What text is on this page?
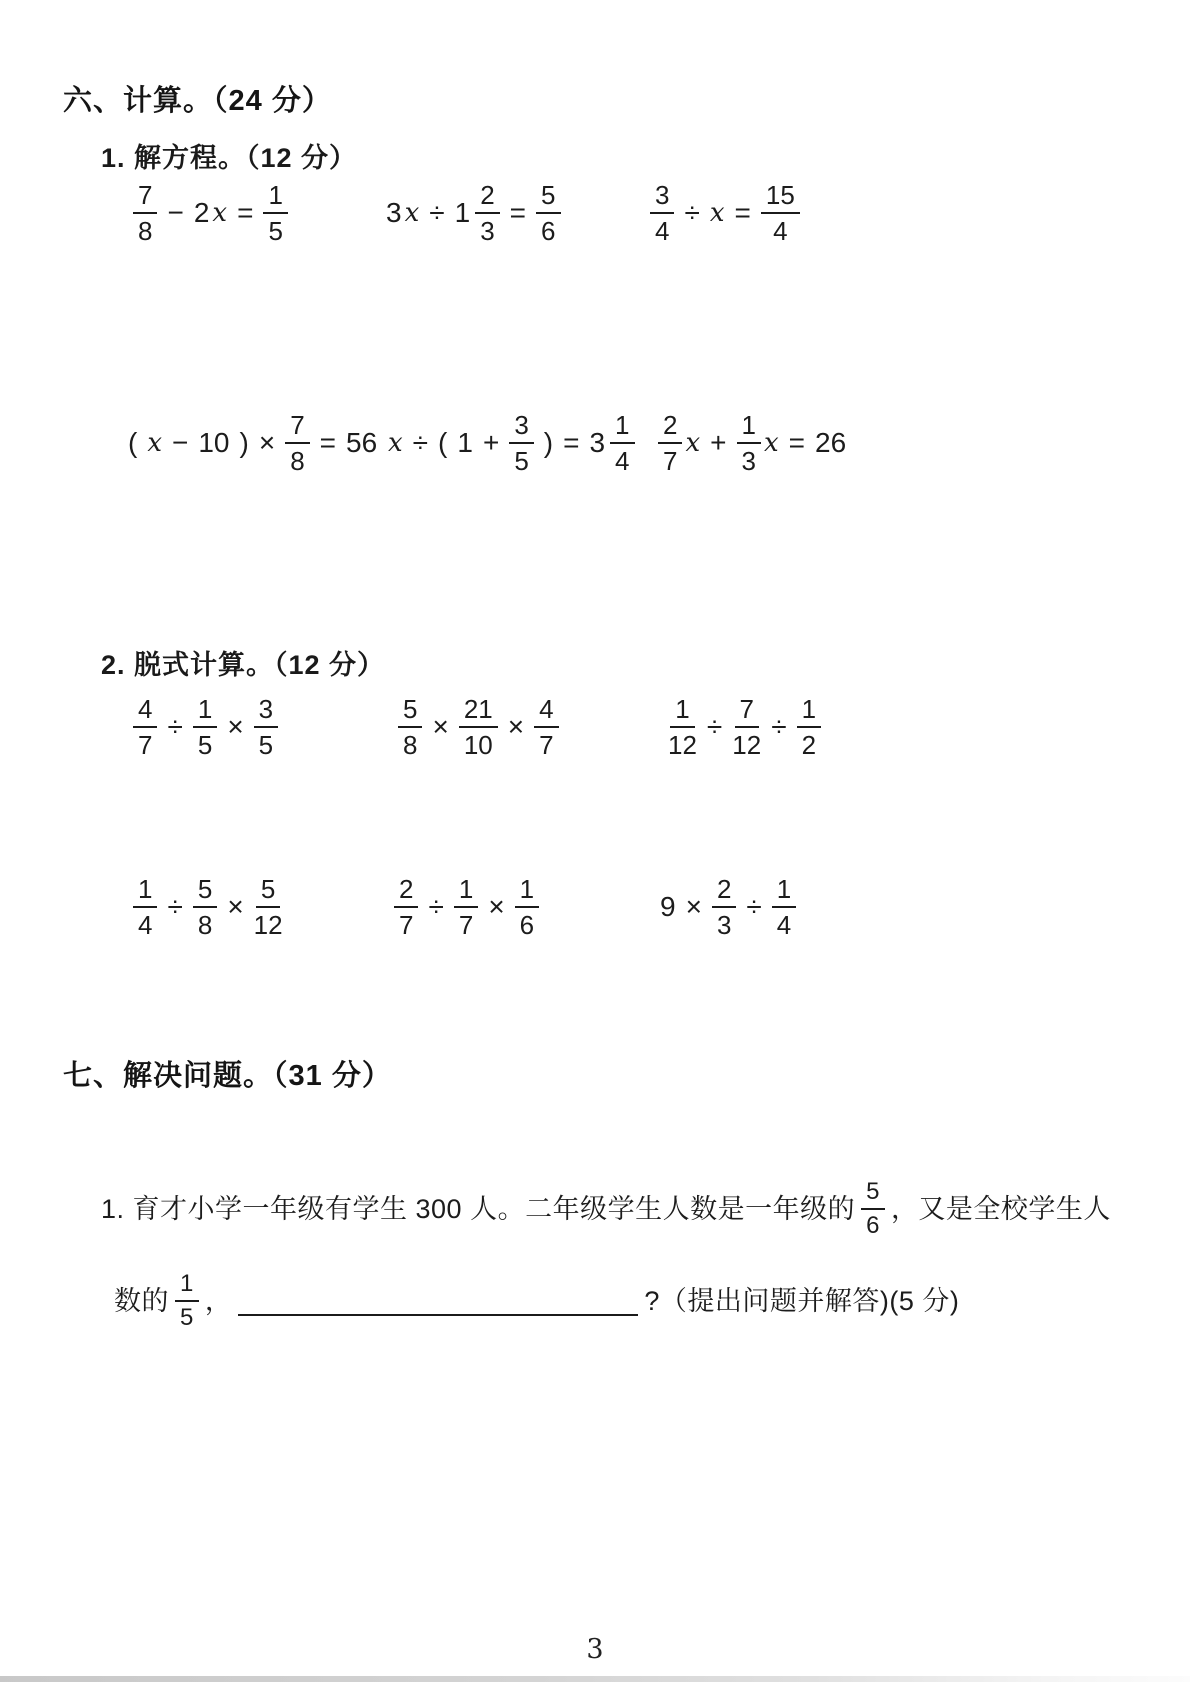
六、计算。（24 分）
1. 解方程。（12 分）
$\frac{7}{8} - 2$ $x = \frac{1}{5}$	3 $x \div 1 \frac{2}{3} = \frac{5}{6}$	$\frac{3}{4} \div x = \frac{15}{4}$
( x − 10 ) × $\frac{7}{8} = 56$ x ÷ ( $1 + \frac{3}{5}$ ) = $3 \frac{1}{4} \frac{2}{7}$ $x + \frac{1}{3}$ x = 26
2. 脱式计算。（12 分）
$\frac{4}{7} \div \frac{1}{5} \times \frac{3}{5}$	$\frac{5}{8} \times \frac{21}{10} \times \frac{4}{7}$	$\frac{1}{12} \div \frac{7}{12} \div \frac{1}{2}$
$\frac{1}{4} \div \frac{5}{8} \times \frac{5}{12}$	$\frac{2}{7} \div \frac{1}{7} \times \frac{1}{6}$	$9 \times \frac{2}{3} \div \frac{1}{4}$
七、解决问题。（31 分）
1. 育才小学一年级有学生 300 人。二年级学生人数是一年级的 $\frac{5}{6}$ ，又是全校学生人
数的 $\frac{1}{5}$ ，	?（提出问题并解答)(5 分)
3
